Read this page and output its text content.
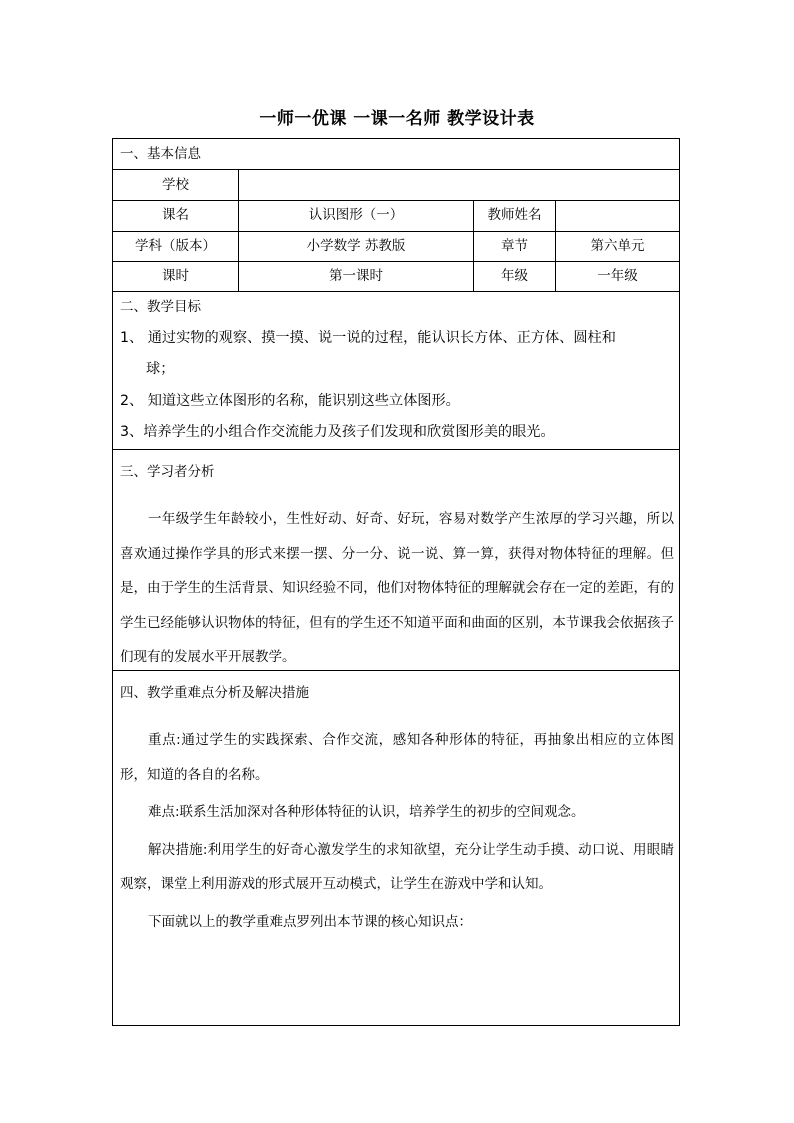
一师一优课 一课一名师 教学设计表
一、基本信息
学校
课名	认识图形（一）	教师姓名
学科（版本）	小学数学 苏教版	章节	第六单元
课时	第一课时	年级	一年级
二、教学目标
1、 通过实物的观察、摸一摸、说一说的过程，能认识长方体、正方体、圆柱和
球；
2、 知道这些立体图形的名称，能识别这些立体图形。
3、培养学生的小组合作交流能力及孩子们发现和欣赏图形美的眼光。
三、学习者分析

一年级学生年龄较小，生性好动、好奇、好玩，容易对数学产生浓厚的学习兴趣，所以喜欢通过操作学具的形式来摆一摆、分一分、说一说、算一算，获得对物体特征的理解。但是，由于学生的生活背景、知识经验不同，他们对物体特征的理解就会存在一定的差距，有的学生已经能够认识物体的特征，但有的学生还不知道平面和曲面的区别，本节课我会依据孩子们现有的发展水平开展教学。

四、教学重难点分析及解决措施

重点:通过学生的实践探索、合作交流，感知各种形体的特征，再抽象出相应的立体图形，知道的各自的名称。

难点:联系生活加深对各种形体特征的认识，培养学生的初步的空间观念。

解决措施:利用学生的好奇心激发学生的求知欲望，充分让学生动手摸、动口说、用眼睛观察，课堂上利用游戏的形式展开互动模式，让学生在游戏中学和认知。

下面就以上的教学重难点罗列出本节课的核心知识点：
